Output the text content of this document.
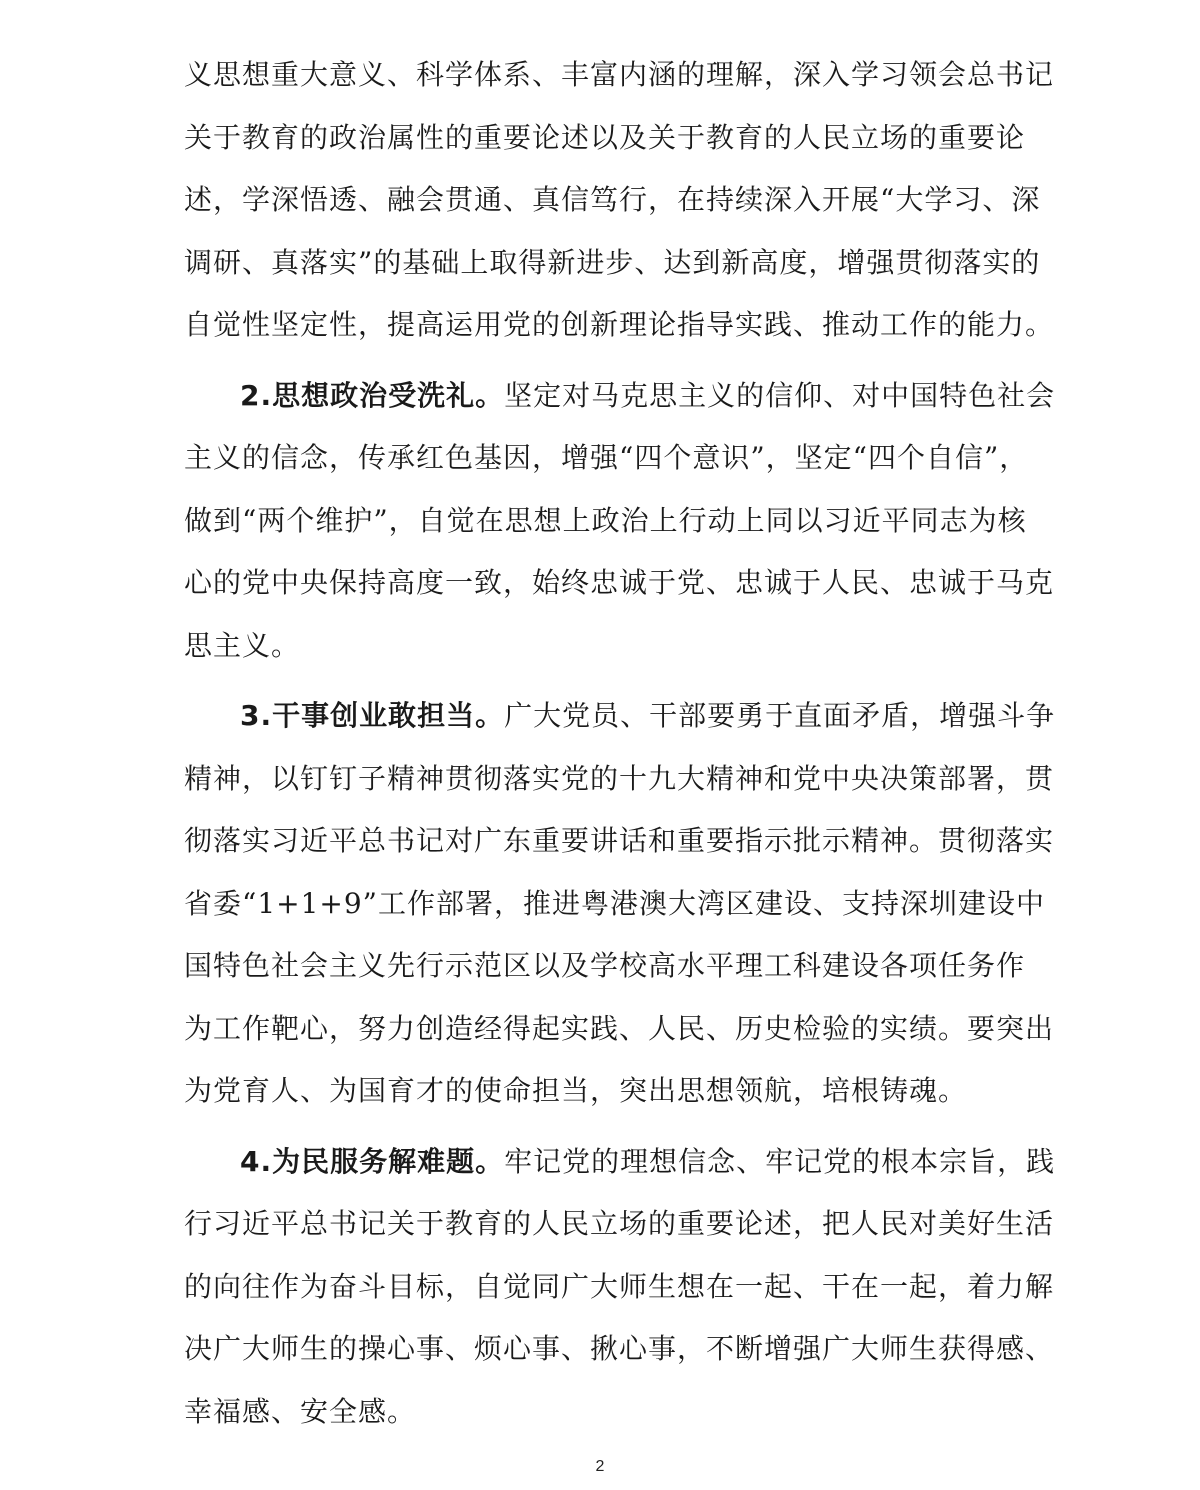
义思想重大意义、科学体系、丰富内涵的理解，深入学习领会总书记
关于教育的政治属性的重要论述以及关于教育的人民立场的重要论
述，学深悟透、融会贯通、真信笃行，在持续深入开展“大学习、深
调研、真落实”的基础上取得新进步、达到新高度，增强贯彻落实的
自觉性坚定性，提高运用党的创新理论指导实践、推动工作的能力。
2.思想政治受洗礼。坚定对马克思主义的信仰、对中国特色社会
主义的信念，传承红色基因，增强“四个意识”，坚定“四个自信”，
做到“两个维护”，自觉在思想上政治上行动上同以习近平同志为核
心的党中央保持高度一致，始终忠诚于党、忠诚于人民、忠诚于马克
思主义。
3.干事创业敢担当。广大党员、干部要勇于直面矛盾，增强斗争
精神，以钉钉子精神贯彻落实党的十九大精神和党中央决策部署，贯
彻落实习近平总书记对广东重要讲话和重要指示批示精神。贯彻落实
省委“1+1+9”工作部署，推进粤港澳大湾区建设、支持深圳建设中
国特色社会主义先行示范区以及学校高水平理工科建设各项任务作
为工作靶心，努力创造经得起实践、人民、历史检验的实绩。要突出
为党育人、为国育才的使命担当，突出思想领航，培根铸魂。
4.为民服务解难题。牢记党的理想信念、牢记党的根本宗旨，践
行习近平总书记关于教育的人民立场的重要论述，把人民对美好生活
的向往作为奋斗目标，自觉同广大师生想在一起、干在一起，着力解
决广大师生的操心事、烦心事、揪心事，不断增强广大师生获得感、
幸福感、安全感。
2
